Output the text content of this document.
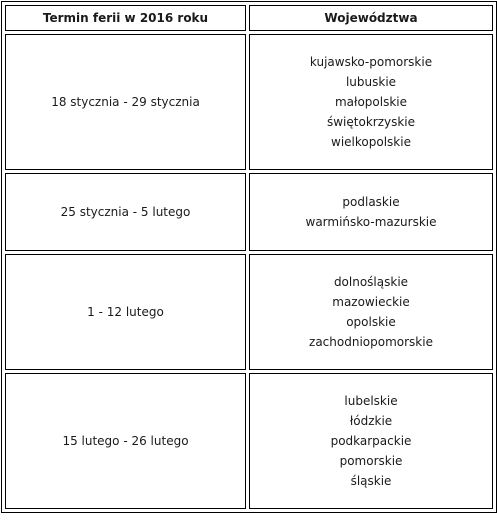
Termin ferii w 2016 roku	Województwa
18 stycznia - 29 stycznia	kujawsko-pomorskie
lubuskie
małopolskie
świętokrzyskie
wielkopolskie

25 stycznia - 5 lutego	podlaskie
warmińsko-mazurskie

1 - 12 lutego	dolnośląskie
mazowieckie
opolskie
zachodniopomorskie

15 lutego - 26 lutego	lubelskie
łódzkie
podkarpackie
pomorskie
śląskie
